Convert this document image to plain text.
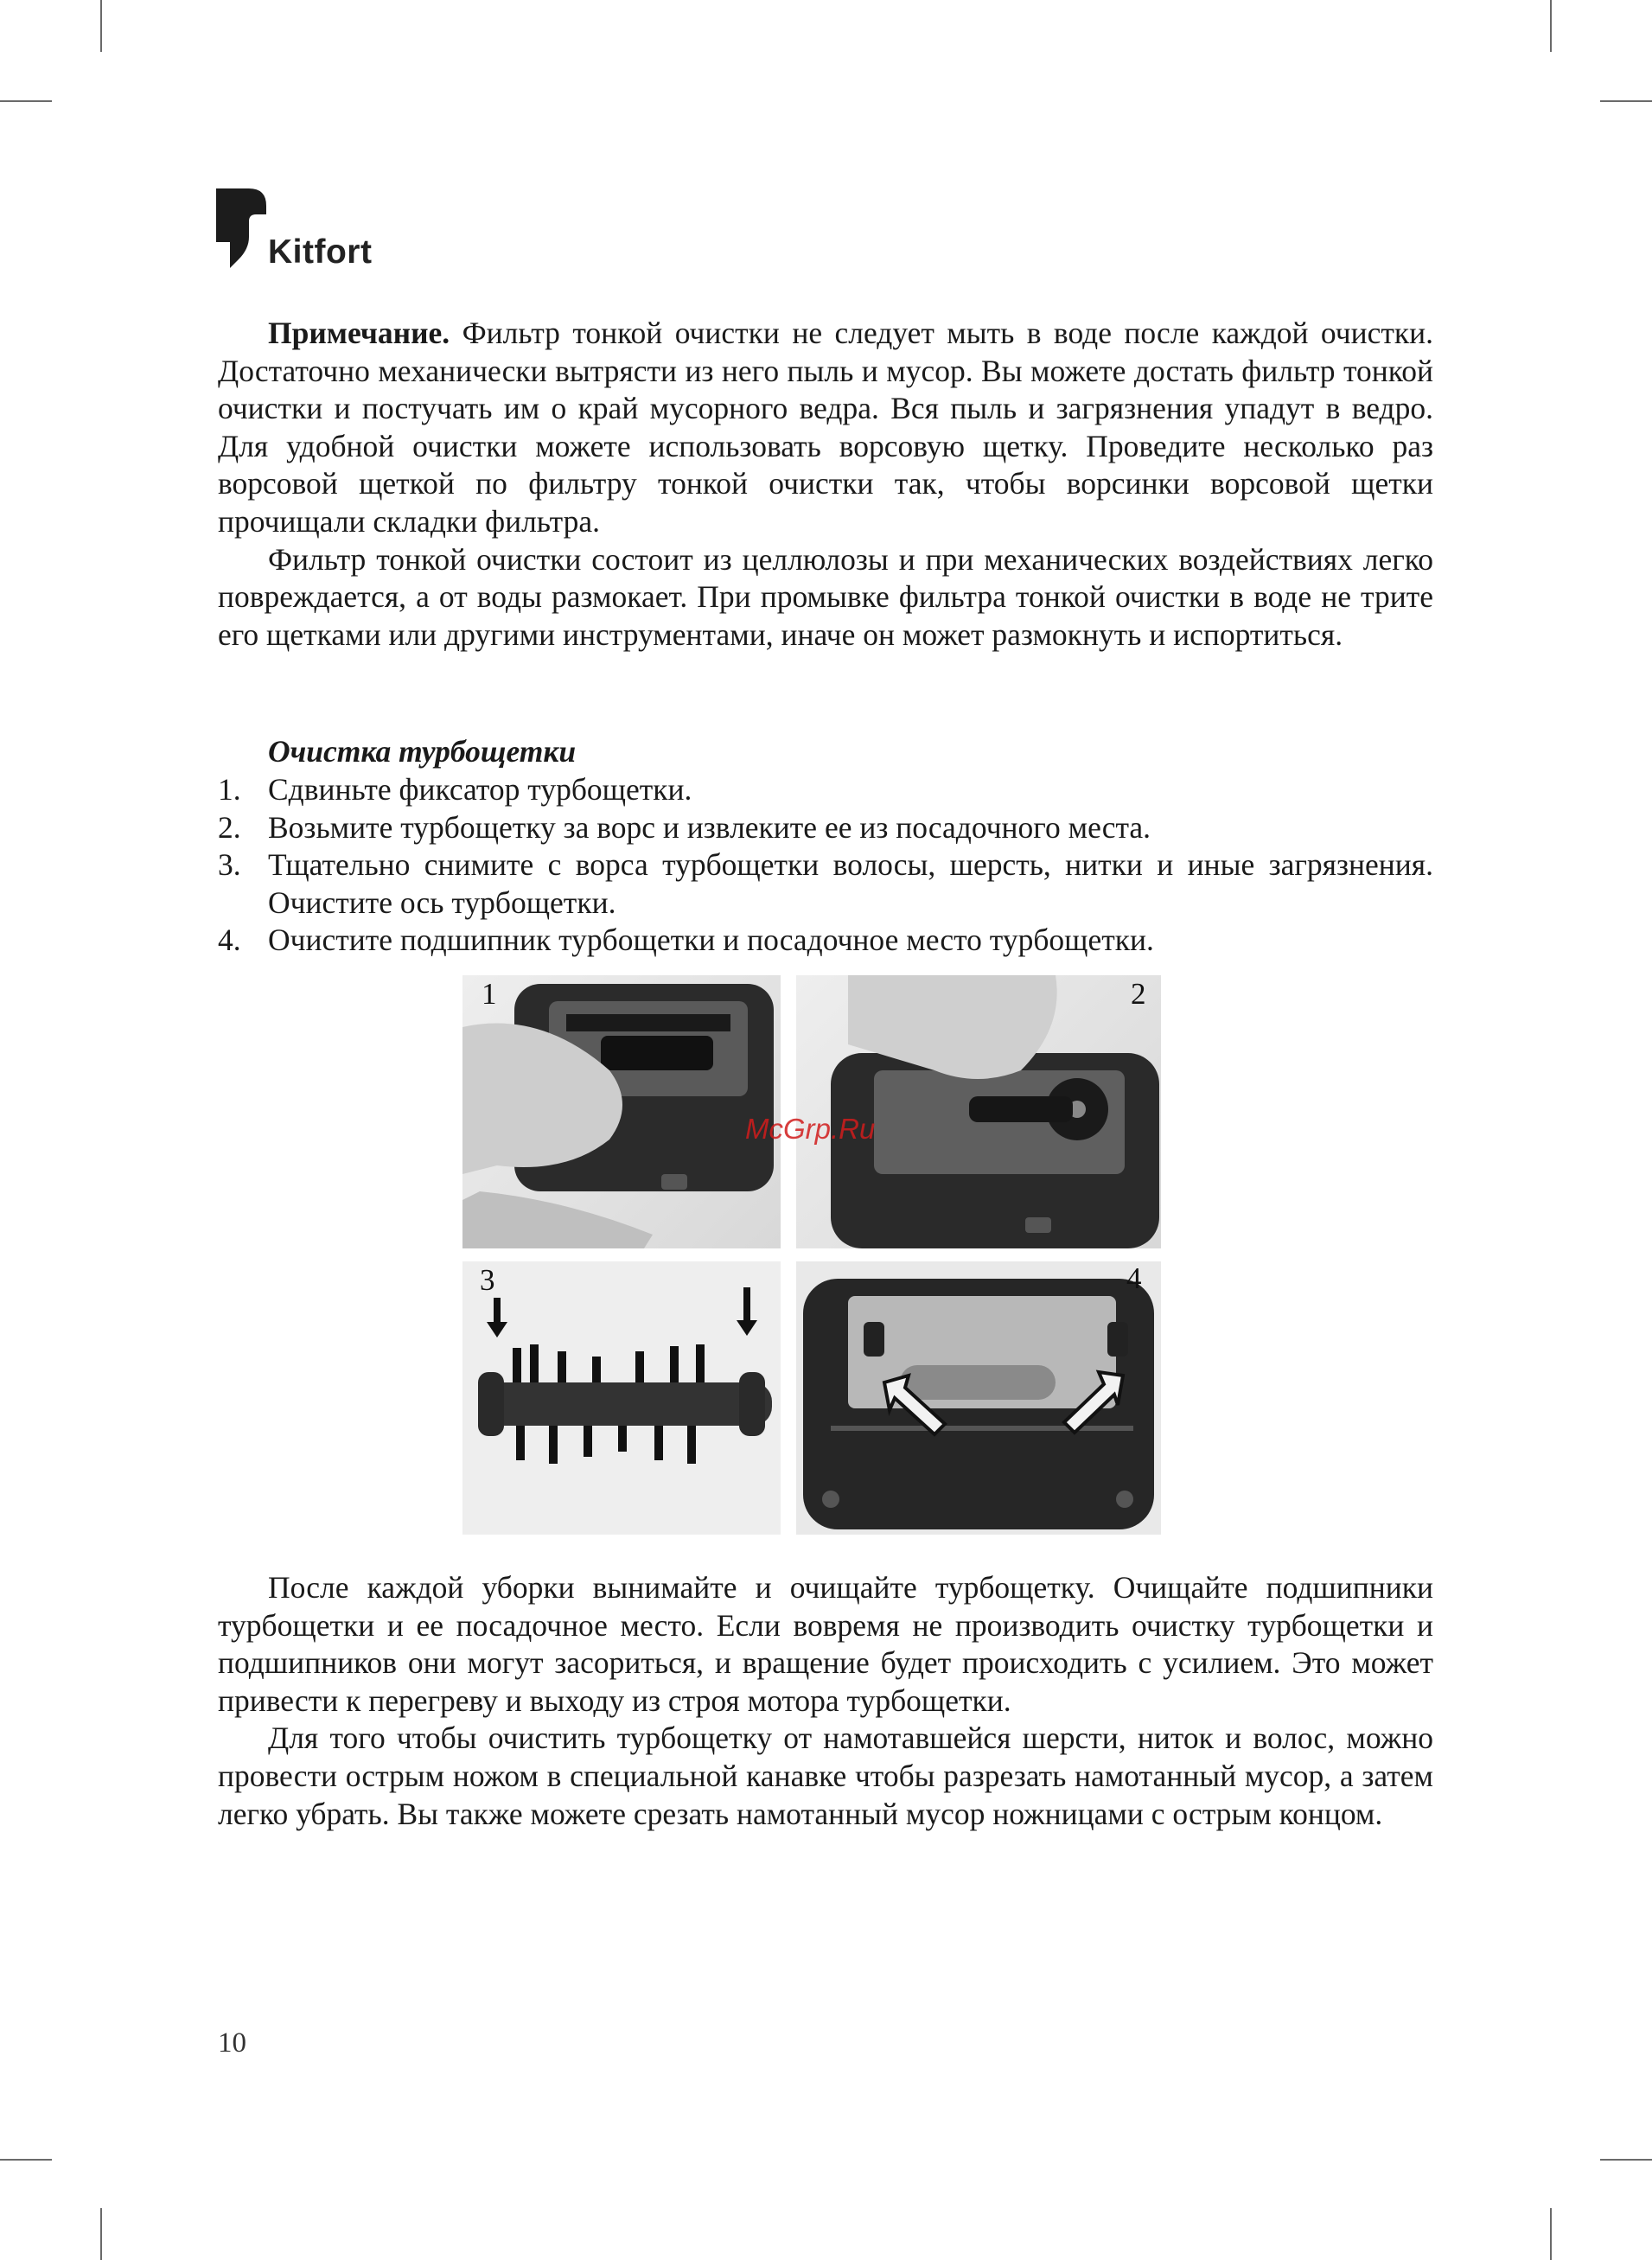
Kitfort

Примечание. Фильтр тонкой очистки не следует мыть в воде после каждой очистки. Достаточно механически вытрясти из него пыль и мусор. Вы можете достать фильтр тонкой очистки и постучать им о край мусорного ведра. Вся пыль и загрязнения упадут в ведро. Для удобной очистки можете использовать ворсовую щетку. Проведите несколько раз ворсовой щеткой по фильтру тонкой очистки так, чтобы ворсинки ворсовой щетки прочищали складки фильтра.

Фильтр тонкой очистки состоит из целлюлозы и при механических воздействиях легко повреждается, а от воды размокает. При промывке фильтра тонкой очистки в воде не трите его щетками или другими инструментами, иначе он может размокнуть и испортиться.

Очистка турбощетки
1. Сдвиньте фиксатор турбощетки.
2. Возьмите турбощетку за ворс и извлеките ее из посадочного места.
3. Тщательно снимите с ворса турбощетки волосы, шерсть, нитки и иные загрязнения. Очистите ось турбощетки.
4. Очистите подшипник турбощетки и посадочное место турбощетки.
1	2
3	4
McGrp.Ru

После каждой уборки вынимайте и очищайте турбощетку. Очищайте подшипники турбощетки и ее посадочное место. Если вовремя не производить очистку турбощетки и подшипников они могут засориться, и вращение будет происходить с усилием. Это может привести к перегреву и выходу из строя мотора турбощетки.

Для того чтобы очистить турбощетку от намотавшейся шерсти, ниток и волос, можно провести острым ножом в специальной канавке чтобы разрезать намотанный мусор, а затем легко убрать. Вы также можете срезать намотанный мусор ножницами с острым концом.

10
